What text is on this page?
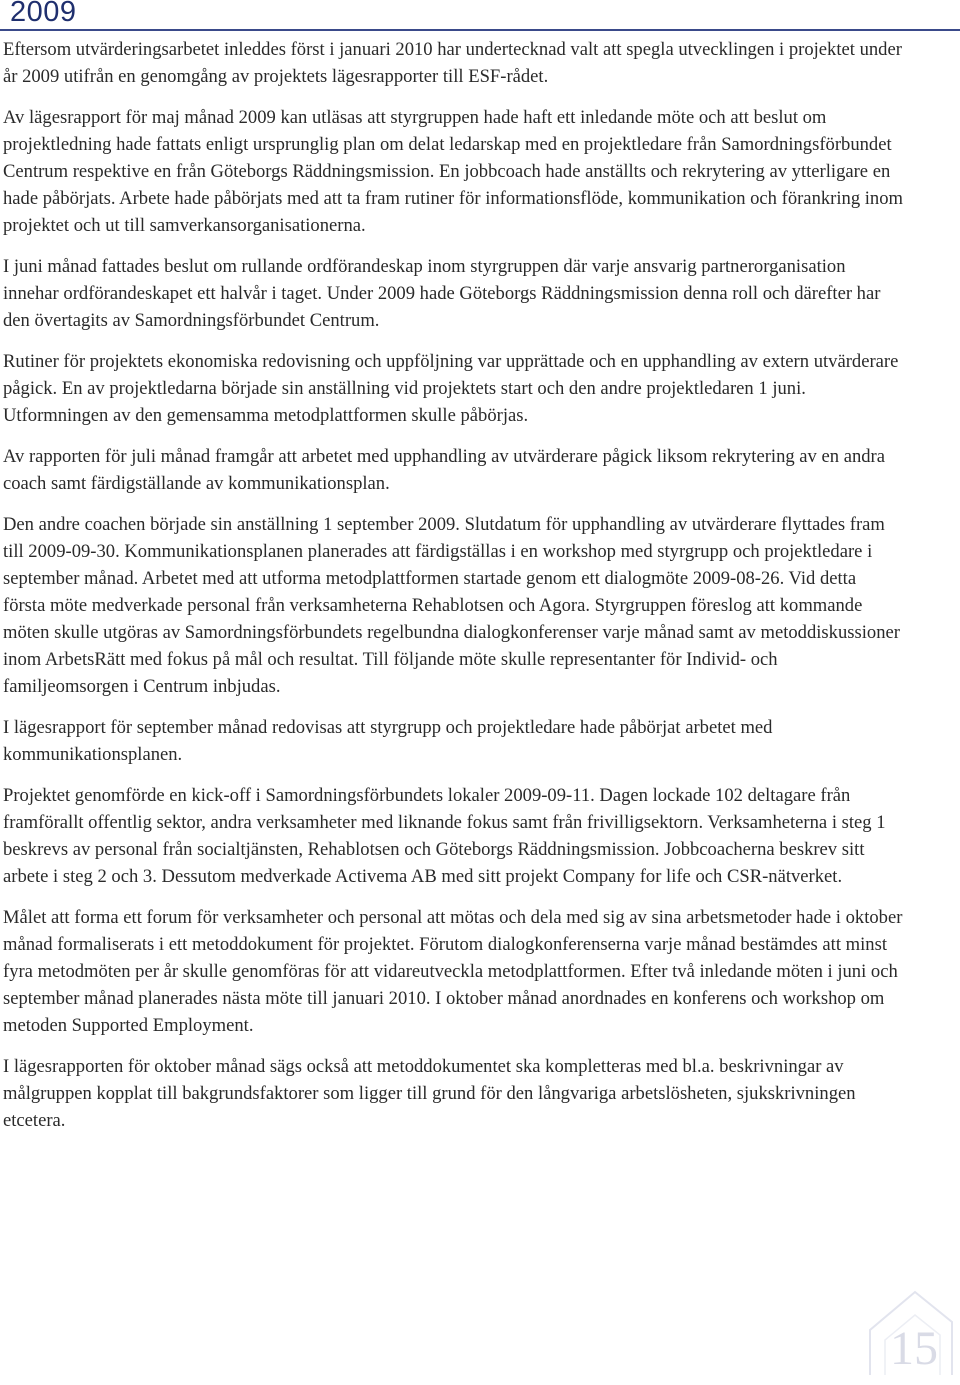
2009

Eftersom utvärderingsarbetet inleddes först i januari 2010 har undertecknad valt att spegla utvecklingen i projektet under år 2009 utifrån en genomgång av projektets lägesrapporter till ESF-rådet.

Av lägesrapport för maj månad 2009 kan utläsas att styrgruppen hade haft ett inledande möte och att beslut om projektledning hade fattats enligt ursprunglig plan om delat ledarskap med en projektledare från Samordningsförbundet Centrum respektive en från Göteborgs Räddningsmission. En jobbcoach hade anställts och rekrytering av ytterligare en hade påbörjats. Arbete hade påbörjats med att ta fram rutiner för informationsflöde, kommunikation och förankring inom projektet och ut till samverkansorganisationerna.

I juni månad fattades beslut om rullande ordförandeskap inom styrgruppen där varje ansvarig partnerorganisation innehar ordförandeskapet ett halvår i taget. Under 2009 hade Göteborgs Räddningsmission denna roll och därefter har den övertagits av Samordningsförbundet Centrum.

Rutiner för projektets ekonomiska redovisning och uppföljning var upprättade och en upphandling av extern utvärderare pågick. En av projektledarna började sin anställning vid projektets start och den andre projektledaren 1 juni. Utformningen av den gemensamma metodplattformen skulle påbörjas.

Av rapporten för juli månad framgår att arbetet med upphandling av utvärderare pågick liksom rekrytering av en andra coach samt färdigställande av kommunikationsplan.

Den andre coachen började sin anställning 1 september 2009. Slutdatum för upphandling av utvärderare flyttades fram till 2009-09-30. Kommunikationsplanen planerades att färdigställas i en workshop med styrgrupp och projektledare i september månad. Arbetet med att utforma metodplattformen startade genom ett dialogmöte 2009-08-26. Vid detta första möte medverkade personal från verksamheterna Rehablotsen och Agora. Styrgruppen föreslog att kommande möten skulle utgöras av Samordningsförbundets regelbundna dialogkonferenser varje månad samt av metoddiskussioner inom ArbetsRätt med fokus på mål och resultat. Till följande möte skulle representanter för Individ- och familjeomsorgen i Centrum inbjudas.

I lägesrapport för september månad redovisas att styrgrupp och projektledare hade påbörjat arbetet med kommunikationsplanen.

Projektet genomförde en kick-off i Samordningsförbundets lokaler 2009-09-11. Dagen lockade 102 deltagare från framförallt offentlig sektor, andra verksamheter med liknande fokus samt från frivilligsektorn. Verksamheterna i steg 1 beskrevs av personal från socialtjänsten, Rehablotsen och Göteborgs Räddningsmission. Jobbcoacherna beskrev sitt arbete i steg 2 och 3. Dessutom medverkade Activema AB med sitt projekt Company for life och CSR-nätverket.

Målet att forma ett forum för verksamheter och personal att mötas och dela med sig av sina arbetsmetoder hade i oktober månad formaliserats i ett metoddokument för projektet. Förutom dialogkonferenserna varje månad bestämdes att minst fyra metodmöten per år skulle genomföras för att vidareutveckla metodplattformen. Efter två inledande möten i juni och september månad planerades nästa möte till januari 2010. I oktober månad anordnades en konferens och workshop om metoden Supported Employment.

I lägesrapporten för oktober månad sägs också att metoddokumentet ska kompletteras med bl.a. beskrivningar av målgruppen kopplat till bakgrundsfaktorer som ligger till grund för den långvariga arbetslösheten, sjukskrivningen etcetera.

15
